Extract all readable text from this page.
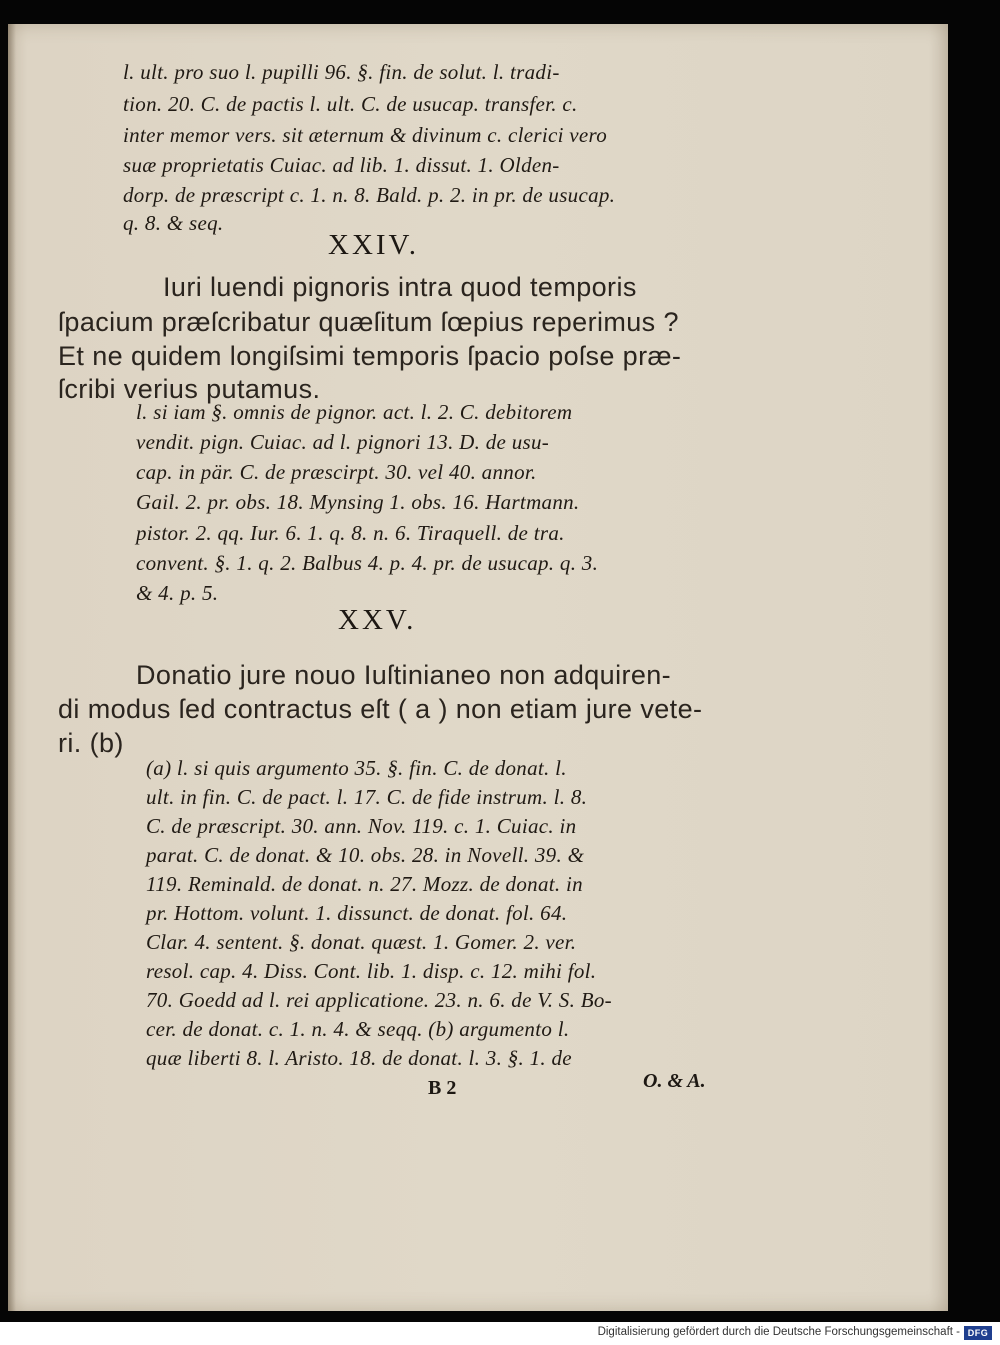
l. ult. pro suo l. pupilli 96. §. fin. de solut. l. tradi-

tion. 20. C. de pactis l. ult. C. de usucap. transfer. c.

inter memor vers. sit æternum & divinum c. clerici vero

suæ proprietatis Cuiac. ad lib. 1. dissut. 1. Olden-

dorp. de præscript c. 1. n. 8. Bald. p. 2. in pr. de usucap.

q. 8. & seq.

XXIV.

Iuri luendi pignoris intra quod temporis

ſpacium præſcribatur quæſitum ſœpius reperimus ?

Et ne quidem longiſsimi temporis ſpacio poſse præ-

ſcribi verius putamus.

l. si iam §. omnis de pignor. act. l. 2. C. debitorem

vendit. pign. Cuiac. ad l. pignori 13. D. de usu-

cap. in pär. C. de præscirpt. 30. vel 40. annor.

Gail. 2. pr. obs. 18. Mynsing 1. obs. 16. Hartmann.

pistor. 2. qq. Iur. 6. 1. q. 8. n. 6. Tiraquell. de tra.

convent. §. 1. q. 2. Balbus 4. p. 4. pr. de usucap. q. 3.

& 4. p. 5.

XXV.

Donatio jure nouo Iuſtinianeo non adquiren-

di modus ſed contractus eſt ( a ) non etiam jure vete-

ri. (b)

(a) l. si quis argumento 35. §. fin. C. de donat. l.

ult. in fin. C. de pact. l. 17. C. de fide instrum. l. 8.

C. de præscript. 30. ann. Nov. 119. c. 1. Cuiac. in

parat. C. de donat. & 10. obs. 28. in Novell. 39. &

119. Reminald. de donat. n. 27. Mozz. de donat. in

pr. Hottom. volunt. 1. dissunct. de donat. fol. 64.

Clar. 4. sentent. §. donat. quæst. 1. Gomer. 2. ver.

resol. cap. 4. Diss. Cont. lib. 1. disp. c. 12. mihi fol.

70. Goedd ad l. rei applicatione. 23. n. 6. de V. S. Bo-

cer. de donat. c. 1. n. 4. & seqq. (b) argumento l.

quæ liberti 8. l. Aristo. 18. de donat. l. 3. §. 1. de

B 2	O. & A.

Digitalisierung gefördert durch die Deutsche Forschungsgemeinschaft - DFG
